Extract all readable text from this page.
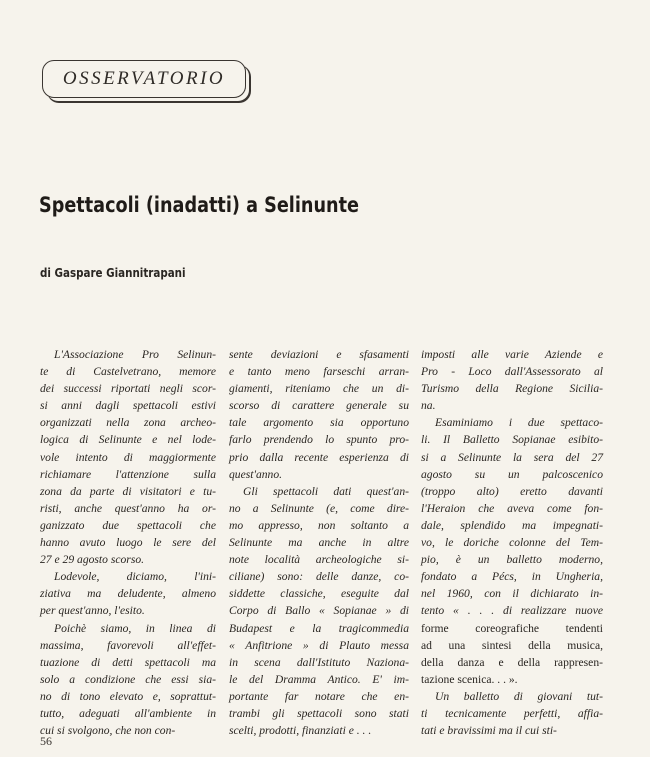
OSSERVATORIO
Spettacoli (inadatti) a Selinunte
di Gaspare Giannitrapani
L'Associazione Pro Selinun-
te di Castelvetrano, memore
dei successi riportati negli scor-
si anni dagli spettacoli estivi
organizzati nella zona archeo-
logica di Selinunte e nel lode-
vole intento di maggiormente
richiamare l'attenzione sulla
zona da parte di visitatori e tu-
risti, anche quest'anno ha or-
ganizzato due spettacoli che
hanno avuto luogo le sere del
27 e 29 agosto scorso.
Lodevole, diciamo, l'ini-
ziativa ma deludente, almeno
per quest'anno, l'esito.
Poichè siamo, in linea di
massima, favorevoli all'effet-
tuazione di detti spettacoli ma
solo a condizione che essi sia-
no di tono elevato e, soprattut-
tutto, adeguati all'ambiente in
cui si svolgono, che non con-
sente deviazioni e sfasamenti
e tanto meno farseschi arran-
giamenti, riteniamo che un di-
scorso di carattere generale su
tale argomento sia opportuno
farlo prendendo lo spunto pro-
prio dalla recente esperienza di
quest'anno.
Gli spettacoli dati quest'an-
no a Selinunte (e, come dire-
mo appresso, non soltanto a
Selinunte ma anche in altre
note località archeologiche si-
ciliane) sono: delle danze, co-
siddette classiche, eseguite dal
Corpo di Ballo « Sopianae » di
Budapest e la tragicommedia
« Anfitrione » di Plauto messa
in scena dall'Istituto Naziona-
le del Dramma Antico. E' im-
portante far notare che en-
trambi gli spettacoli sono stati
scelti, prodotti, finanziati e . . .
imposti alle varie Aziende e
Pro - Loco dall'Assessorato al
Turismo della Regione Sicilia-
na.
Esaminiamo i due spettaco-
li. Il Balletto Sopianae esibito-
si a Selinunte la sera del 27
agosto su un palcoscenico
(troppo alto) eretto davanti
l'Heraion che aveva come fon-
dale, splendido ma impegnati-
vo, le doriche colonne del Tem-
pio, è un balletto moderno,
fondato a Pécs, in Ungheria,
nel 1960, con il dichiarato in-
tento « . . . di realizzare nuove
forme coreografiche tendenti
ad una sintesi della musica,
della danza e della rappresen-
tazione scenica. . . ».
Un balletto di giovani tut-
ti tecnicamente perfetti, affia-
tati e bravissimi ma il cui sti-
56
